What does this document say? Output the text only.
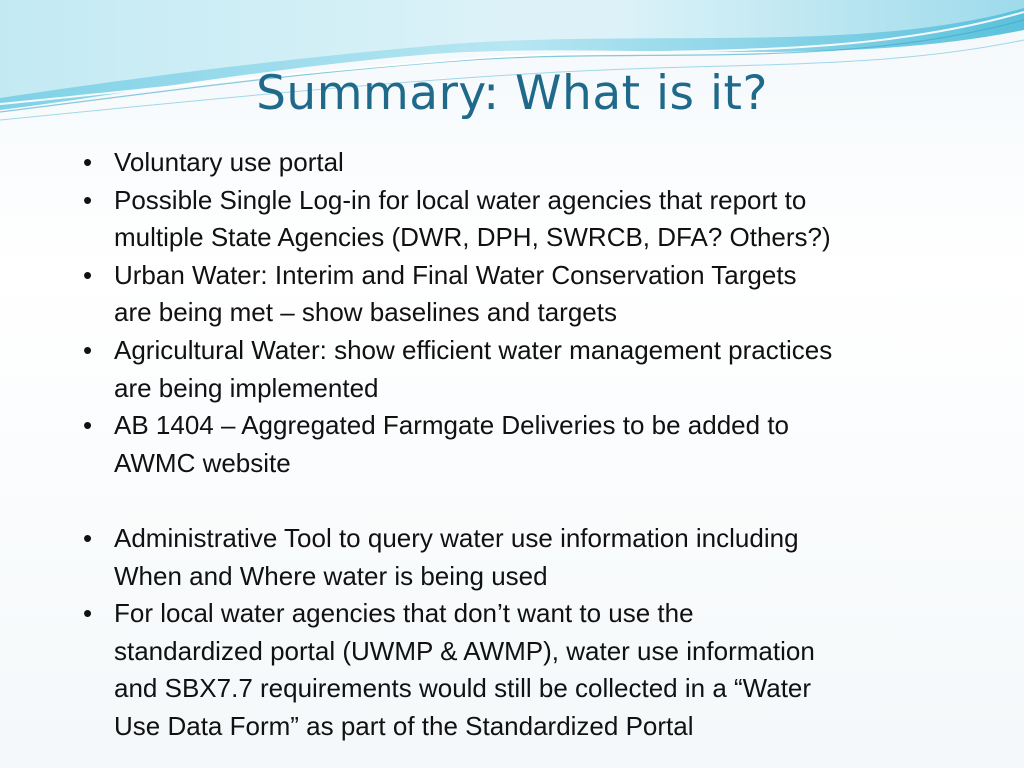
Summary: What is it?
• Voluntary use portal
• Possible Single Log-in for local water agencies that report to
multiple State Agencies (DWR, DPH, SWRCB, DFA? Others?)
• Urban Water: Interim and Final Water Conservation Targets
are being met – show baselines and targets
• Agricultural Water: show efficient water management practices
are being implemented
• AB 1404 – Aggregated Farmgate Deliveries to be added to
AWMC website
• Administrative Tool to query water use information including
When and Where water is being used
• For local water agencies that don’t want to use the
standardized portal (UWMP & AWMP), water use information
and SBX7.7 requirements would still be collected in a “Water
Use Data Form” as part of the Standardized Portal
